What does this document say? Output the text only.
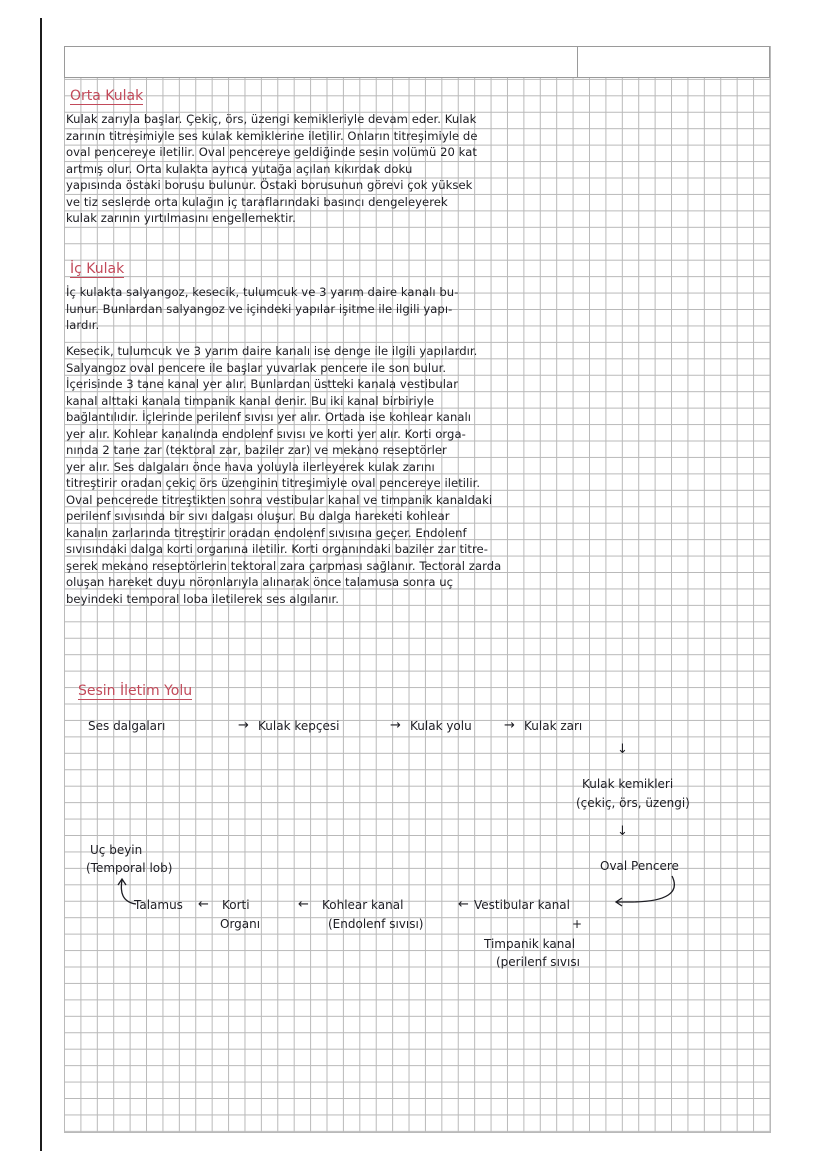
Orta Kulak
Kulak zarıyla başlar. Çekiç, örs, üzengi kemikleriyle devam eder. Kulak
zarının titreşimiyle ses kulak kemiklerine iletilir. Onların titreşimiyle de
oval pencereye iletilir. Oval pencereye geldiğinde sesin volümü 20 kat
artmış olur. Orta kulakta ayrıca yutağa açılan kıkırdak doku
yapısında östaki borusu bulunur. Östaki borusunun görevi çok yüksek
ve tiz seslerde orta kulağın iç taraflarındaki basıncı dengeleyerek
kulak zarının yırtılmasını engellemektir.
İç Kulak
İç kulakta salyangoz, kesecik, tulumcuk ve 3 yarım daire kanalı bu-
lunur. Bunlardan salyangoz ve içindeki yapılar işitme ile ilgili yapı-
lardır.
Kesecik, tulumcuk ve 3 yarım daire kanalı ise denge ile ilgili yapılardır.
Salyangoz oval pencere ile başlar yuvarlak pencere ile son bulur.
İçerisinde 3 tane kanal yer alır. Bunlardan üstteki kanala vestibular
kanal alttaki kanala timpanik kanal denir. Bu iki kanal birbiriyle
bağlantılıdır. İçlerinde perilenf sıvısı yer alır. Ortada ise kohlear kanalı
yer alır. Kohlear kanalında endolenf sıvısı ve korti yer alır. Korti orga-
nında 2 tane zar (tektoral zar, baziler zar) ve mekano reseptörler
yer alır. Ses dalgaları önce hava yoluyla ilerleyerek kulak zarını
titreştirir oradan çekiç örs üzenginin titreşimiyle oval pencereye iletilir.
Oval pencerede titreştikten sonra vestibular kanal ve timpanik kanaldaki
perilenf sıvısında bir sıvı dalgası oluşur. Bu dalga hareketi kohlear
kanalın zarlarında titreştirir oradan endolenf sıvısına geçer. Endolenf
sıvısındaki dalga korti organına iletilir. Korti organındaki baziler zar titre-
şerek mekano reseptörlerin tektoral zara çarpması sağlanır. Tectoral zarda
oluşan hareket duyu nöronlarıyla alınarak önce talamusa sonra uç
beyindeki temporal loba iletilerek ses algılanır.
Sesin İletim Yolu
Ses dalgaları	→ Kulak kepçesi	→ Kulak yolu → Kulak zarı
↓
Kulak kemikleri
(çekiç, örs, üzengi)
↓
Oval Pencere
Vestibular kanal
+
Timpanik kanal
(perilenf sıvısı
←
Kohlear kanal
(Endolenf sıvısı)
←
Korti
Organı
←
Talamus
Uç beyin
(Temporal lob)
